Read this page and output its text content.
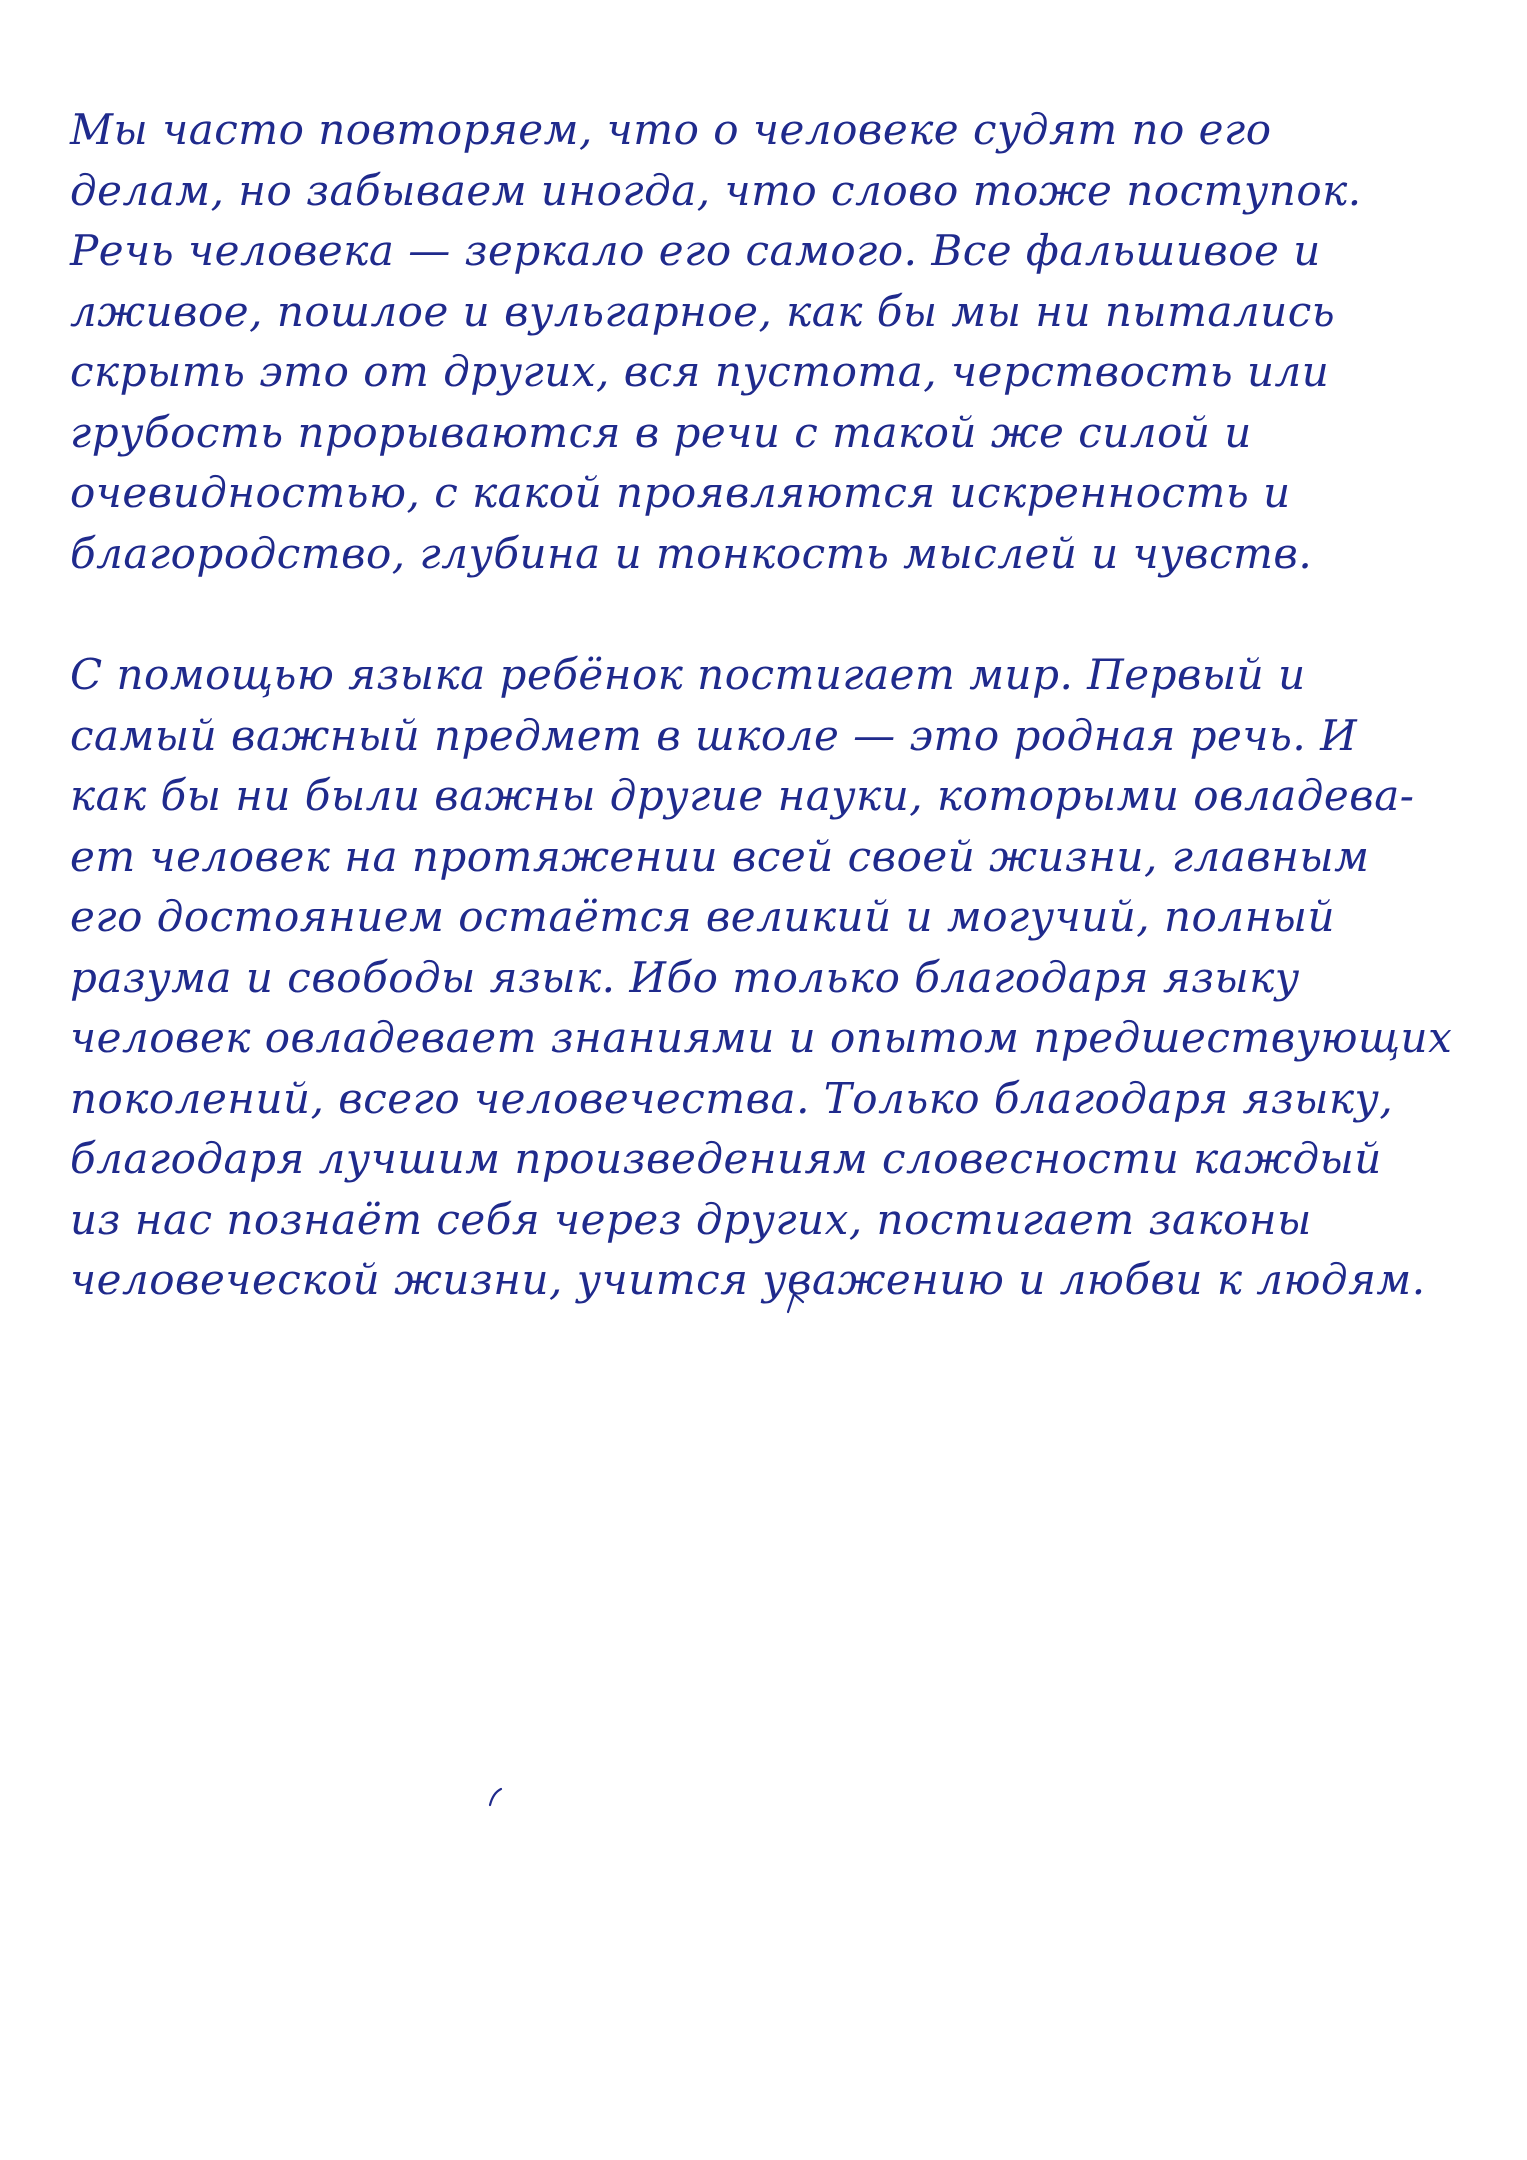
Мы часто повторяем, что о человеке судят по его
делам, но забываем иногда, что слово тоже поступок.
Речь человека — зеркало его самого. Все фальшивое и
лживое, пошлое и вульгарное, как бы мы ни пытались
скрыть это от других, вся пустота, черствость или
грубость прорываются в речи с такой же силой и
очевидностью, с какой проявляются искренность и
благородство, глубина и тонкость мыслей и чувств.
С помощью языка ребёнок постигает мир. Первый и
самый важный предмет в школе — это родная речь. И
как бы ни были важны другие науки, которыми овладева-
ет человек на протяжении всей своей жизни, главным
его достоянием остаётся великий и могучий, полный
разума и свободы язык. Ибо только благодаря языку
человек овладевает знаниями и опытом предшествующих
поколений, всего человечества. Только благодаря языку,
благодаря лучшим произведениям словесности каждый
из нас познаёт себя через других, постигает законы
человеческой жизни, учится уважению и любви к людям.
